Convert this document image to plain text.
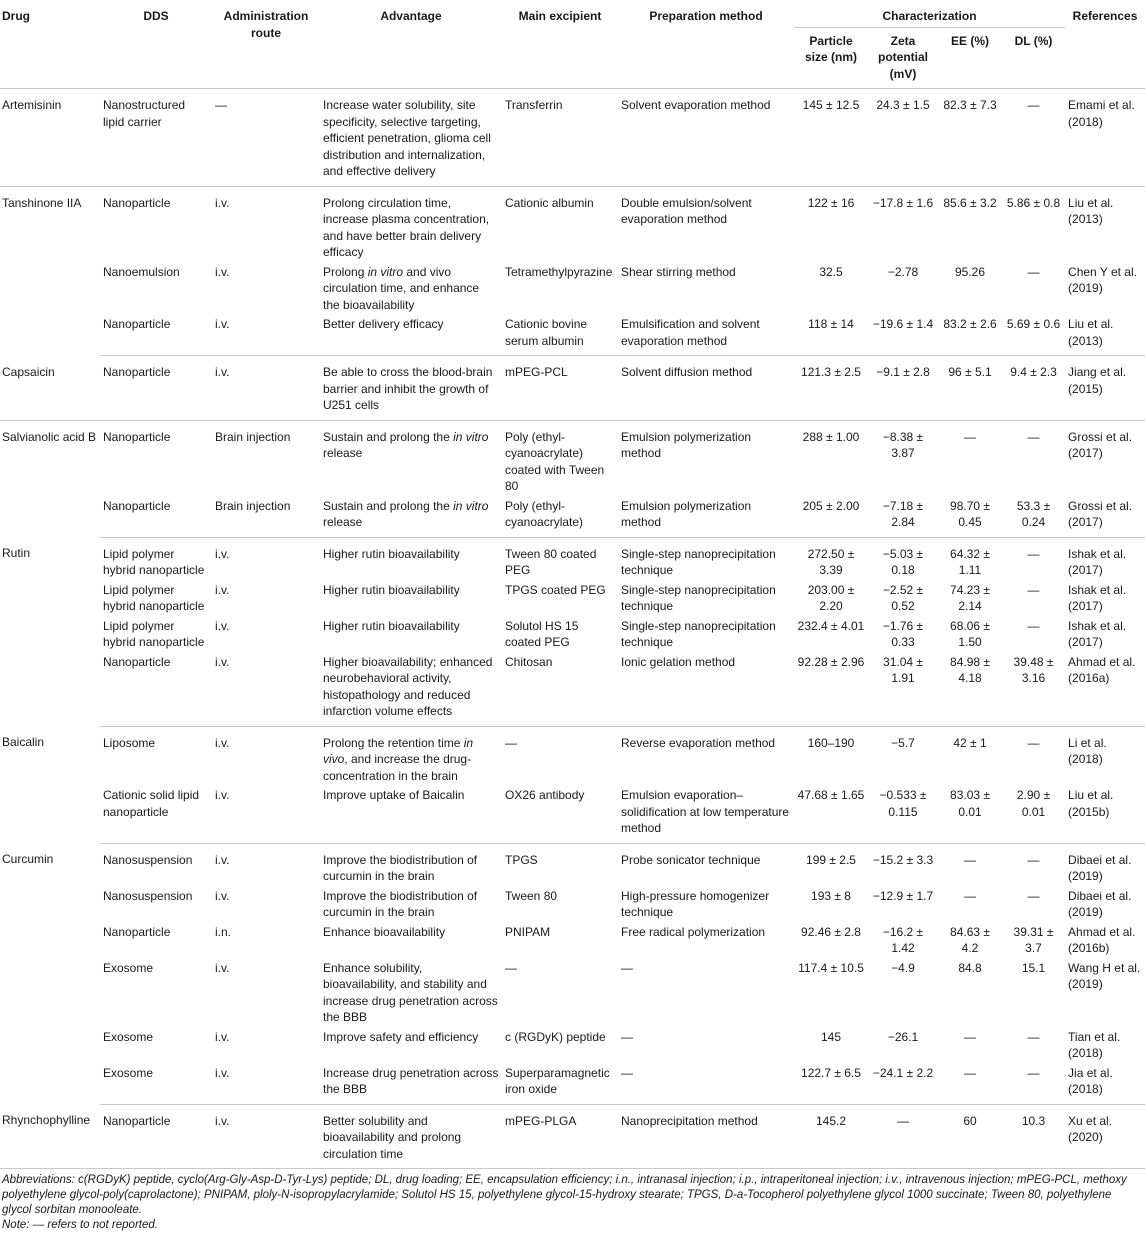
Drug	DDS	Administration route	Advantage	Main excipient	Preparation method	Characterization				References
						Particle size (nm)	Zeta potential (mV)	EE (%)	DL (%)	
Artemisinin	Nanostructured lipid carrier	—	Increase water solubility, site specificity, selective targeting, efficient penetration, glioma cell distribution and internalization, and effective delivery	Transferrin	Solvent evaporation method	145 ± 12.5	24.3 ± 1.5	82.3 ± 7.3	—	Emami et al. (2018)
Tanshinone IIA	Nanoparticle	i.v.	Prolong circulation time, increase plasma concentration, and have better brain delivery efficacy	Cationic albumin	Double emulsion/solvent evaporation method	122 ± 16	−17.8 ± 1.6	85.6 ± 3.2	5.86 ± 0.8	Liu et al. (2013)
	Nanoemulsion	i.v.	Prolong in vitro and vivo circulation time, and enhance the bioavailability	Tetramethylpyrazine	Shear stirring method	32.5	−2.78	95.26	—	Chen Y et al. (2019)
	Nanoparticle	i.v.	Better delivery efficacy	Cationic bovine serum albumin	Emulsification and solvent evaporation method	118 ± 14	−19.6 ± 1.4	83.2 ± 2.6	5.69 ± 0.6	Liu et al. (2013)
Capsaicin	Nanoparticle	i.v.	Be able to cross the blood-brain barrier and inhibit the growth of U251 cells	mPEG-PCL	Solvent diffusion method	121.3 ± 2.5	−9.1 ± 2.8	96 ± 5.1	9.4 ± 2.3	Jiang et al. (2015)
Salvianolic acid B	Nanoparticle	Brain injection	Sustain and prolong the in vitro release	Poly (ethyl-cyanoacrylate) coated with Tween 80	Emulsion polymerization method	288 ± 1.00	−8.38 ± 3.87	—	—	Grossi et al. (2017)
	Nanoparticle	Brain injection	Sustain and prolong the in vitro release	Poly (ethyl-cyanoacrylate)	Emulsion polymerization method	205 ± 2.00	−7.18 ± 2.84	98.70 ± 0.45	53.3 ± 0.24	Grossi et al. (2017)
Rutin	Lipid polymer hybrid nanoparticle	i.v.	Higher rutin bioavailability	Tween 80 coated PEG	Single-step nanoprecipitation technique	272.50 ± 3.39	−5.03 ± 0.18	64.32 ± 1.11	—	Ishak et al. (2017)
	Lipid polymer hybrid nanoparticle	i.v.	Higher rutin bioavailability	TPGS coated PEG	Single-step nanoprecipitation technique	203.00 ± 2.20	−2.52 ± 0.52	74.23 ± 2.14	—	Ishak et al. (2017)
	Lipid polymer hybrid nanoparticle	i.v.	Higher rutin bioavailability	Solutol HS 15 coated PEG	Single-step nanoprecipitation technique	232.4 ± 4.01	−1.76 ± 0.33	68.06 ± 1.50	—	Ishak et al. (2017)
	Nanoparticle	i.v.	Higher bioavailability; enhanced neurobehavioral activity, histopathology and reduced infarction volume effects	Chitosan	Ionic gelation method	92.28 ± 2.96	31.04 ± 1.91	84.98 ± 4.18	39.48 ± 3.16	Ahmad et al. (2016a)
Baicalin	Liposome	i.v.	Prolong the retention time in vivo, and increase the drug-concentration in the brain	—	Reverse evaporation method	160–190	−5.7	42 ± 1	—	Li et al. (2018)
	Cationic solid lipid nanoparticle	i.v.	Improve uptake of Baicalin	OX26 antibody	Emulsion evaporation–solidification at low temperature method	47.68 ± 1.65	−0.533 ± 0.115	83.03 ± 0.01	2.90 ± 0.01	Liu et al. (2015b)
Curcumin	Nanosuspension	i.v.	Improve the biodistribution of curcumin in the brain	TPGS	Probe sonicator technique	199 ± 2.5	−15.2 ± 3.3	—	—	Dibaei et al. (2019)
	Nanosuspension	i.v.	Improve the biodistribution of curcumin in the brain	Tween 80	High-pressure homogenizer technique	193 ± 8	−12.9 ± 1.7	—	—	Dibaei et al. (2019)
	Nanoparticle	i.n.	Enhance bioavailability	PNIPAM	Free radical polymerization	92.46 ± 2.8	−16.2 ± 1.42	84.63 ± 4.2	39.31 ± 3.7	Ahmad et al. (2016b)
	Exosome	i.v.	Enhance solubility, bioavailability, and stability and increase drug penetration across the BBB	—	—	117.4 ± 10.5	−4.9	84.8	15.1	Wang H et al. (2019)
	Exosome	i.v.	Improve safety and efficiency	c (RGDyK) peptide	—	145	−26.1	—	—	Tian et al. (2018)
	Exosome	i.v.	Increase drug penetration across the BBB	Superparamagnetic iron oxide	—	122.7 ± 6.5	−24.1 ± 2.2	—	—	Jia et al. (2018)
Rhynchophylline	Nanoparticle	i.v.	Better solubility and bioavailability and prolong circulation time	mPEG-PLGA	Nanoprecipitation method	145.2	—	60	10.3	Xu et al. (2020)
Abbreviations: c(RGDyK) peptide, cyclo(Arg-Gly-Asp-D-Tyr-Lys) peptide; DL, drug loading; EE, encapsulation efficiency; i.n., intranasal injection; i.p., intraperitoneal injection; i.v., intravenous injection; mPEG-PCL, methoxy polyethylene glycol-poly(caprolactone); PNIPAM, ploly-N-isopropylacrylamide; Solutol HS 15, polyethylene glycol-15-hydroxy stearate; TPGS, D-a-Tocopherol polyethylene glycol 1000 succinate; Tween 80, polyethylene glycol sorbitan monooleate.
Note: — refers to not reported.
